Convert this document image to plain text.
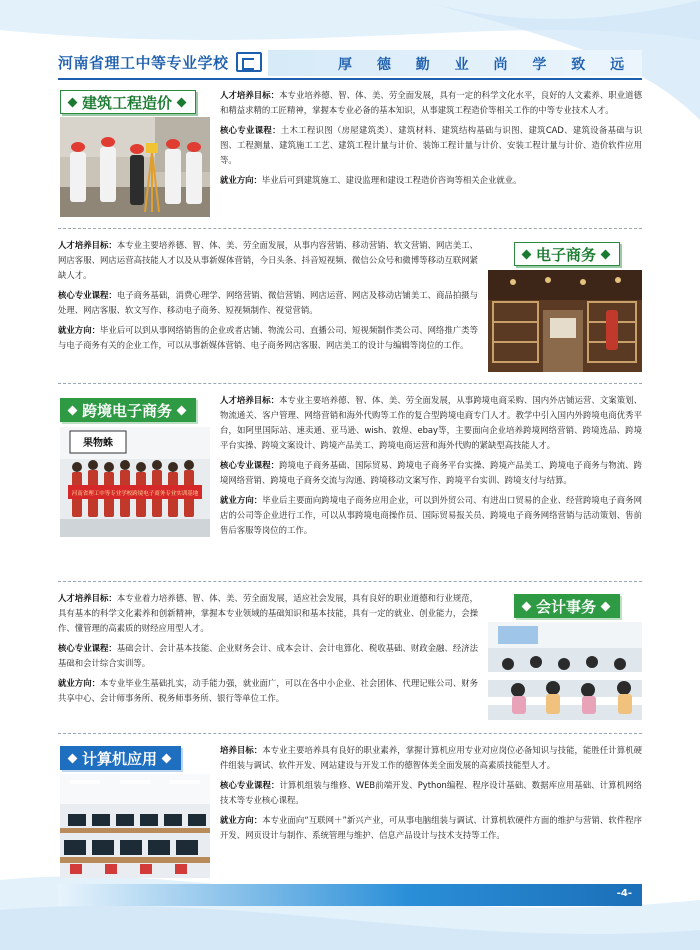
河南省理工中等专业学校	厚 德 勤 业 尚 学 致 远
建筑工程造价	人才培养目标：本专业培养德、智、体、美、劳全面发展，具有一定的科学文化水平，良好的人文素养、职业道德和精益求精的工匠精神，掌握本专业必备的基本知识，从事建筑工程造价等相关工作的中等专业技术人才。

核心专业课程：土木工程识图（房屋建筑类）、建筑材料、建筑结构基础与识图、建筑CAD、建筑设备基础与识图、工程测量、建筑施工工艺、建筑工程计量与计价、装饰工程计量与计价、安装工程计量与计价、造价软件应用等。

就业方向：毕业后可到建筑施工、建设监理和建设工程造价咨询等相关企业就业。

人才培养目标：本专业主要培养德、智、体、美、劳全面发展，从事内容营销、移动营销、软文营销、网店美工、网店客服、网店运营高技能人才以及从事新媒体营销，今日头条、抖音短视频、微信公众号和微博等移动互联网紧缺人才。

核心专业课程：电子商务基础，消费心理学、网络营销、微信营销、网店运营、网店及移动店铺美工、商品拍摄与处理、网店客服、软文写作、移动电子商务、短视频制作、视觉营销。

就业方向：毕业后可以到从事网络销售的企业或者店铺、物流公司、直播公司、短视频制作类公司、网络推广类等与电子商务有关的企业工作，可以从事新媒体营销、电子商务网店客服、网店美工的设计与编辑等岗位的工作。

电子商务
跨境电子商务
果物蛛
河南省理工中等专业学校跨境电子商务专业实训基地

人才培养目标：本专业主要培养德、智、体、美、劳全面发展，从事跨境电商采购、国内外店铺运营、文案策划、物流通关、客户管理、网络营销和海外代购等工作的复合型跨境电商专门人才。教学中引入国内外跨境电商优秀平台，如阿里国际站、速卖通、亚马逊、wish、敦煌、ebay等，主要面向企业培养跨境网络营销、跨境选品、跨境平台实操、跨境文案设计、跨境产品美工、跨境电商运营和海外代购的紧缺型高技能人才。

核心专业课程：跨境电子商务基础、国际贸易、跨境电子商务平台实操、跨境产品美工、跨境电子商务与物流、跨境网络营销、跨境电子商务交流与沟通、跨境移动文案写作、跨境平台实训、跨境支付与结算。

就业方向：毕业后主要面向跨境电子商务应用企业，可以到外贸公司、有进出口贸易的企业、经营跨境电子商务网店的公司等企业进行工作，可以从事跨境电商操作员、国际贸易报关员、跨境电子商务网络营销与活动策划、售前售后客服等岗位的工作。

人才培养目标：本专业着力培养德、智、体、美、劳全面发展，适应社会发展，具有良好的职业道德和行业规范，具有基本的科学文化素养和创新精神，掌握本专业领域的基础知识和基本技能，具有一定的就业、创业能力，会操作、懂管理的高素质的财经应用型人才。

核心专业课程：基础会计、会计基本技能、企业财务会计、成本会计、会计电算化、税收基础、财政金融、经济法基础和会计综合实训等。

就业方向：本专业毕业生基础扎实，动手能力强，就业面广，可以在各中小企业、社会团体、代理记账公司、财务共享中心、会计师事务所、税务师事务所、银行等单位工作。

会计事务
计算机应用	培养目标：本专业主要培养具有良好的职业素养，掌握计算机应用专业对应岗位必备知识与技能，能胜任计算机硬件组装与调试、软件开发、网站建设与开发工作的德智体美全面发展的高素质技能型人才。

核心专业课程：计算机组装与维修、WEB前端开发、Python编程、程序设计基础、数据库应用基础、计算机网络技术等专业核心课程。

就业方向：本专业面向“互联网＋”新兴产业，可从事电脑组装与调试、计算机软硬件方面的维护与营销、软件程序开发、网页设计与制作、系统管理与维护、信息产品设计与技术支持等工作。

-4-
